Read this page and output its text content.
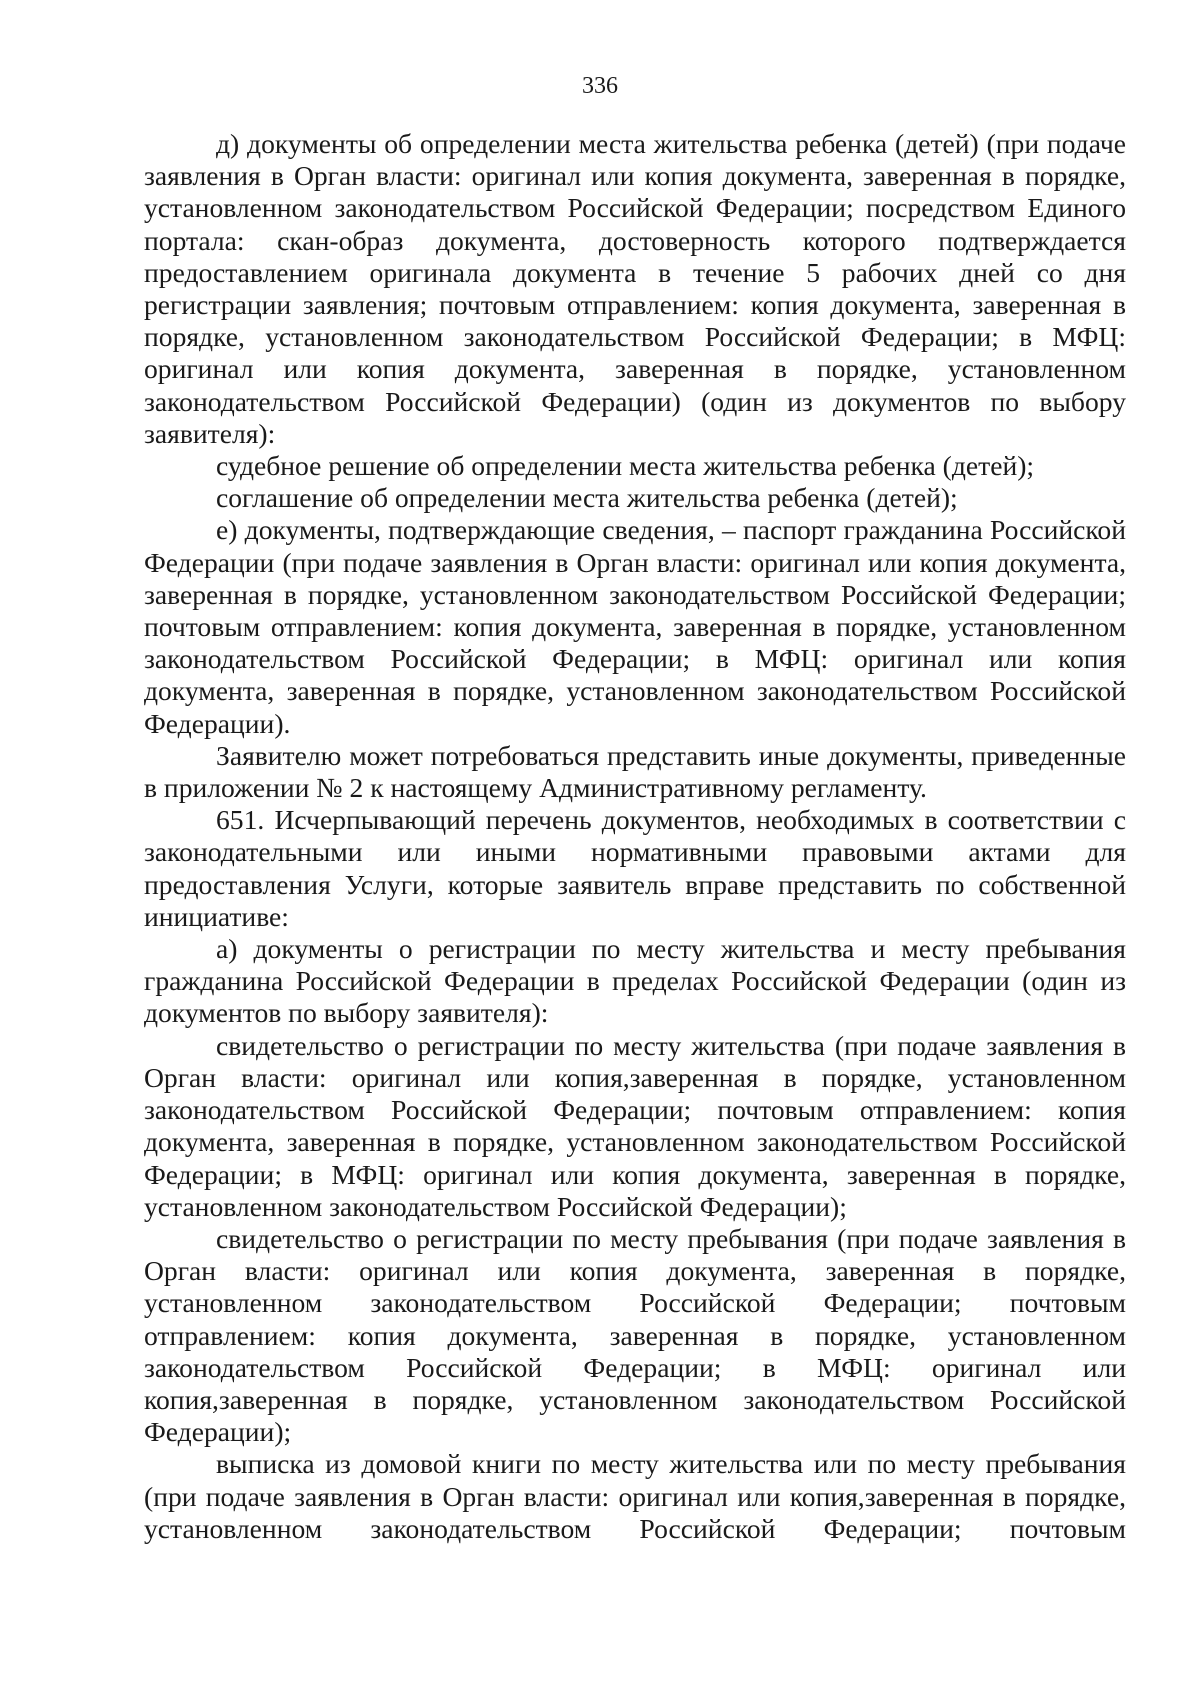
336

д) документы об определении места жительства ребенка (детей) (при подаче заявления в Орган власти: оригинал или копия документа, заверенная в порядке, установленном законодательством Российской Федерации; посредством Единого портала: скан-образ документа, достоверность которого подтверждается предоставлением оригинала документа в течение 5 рабочих дней со дня регистрации заявления; почтовым отправлением: копия документа, заверенная в порядке, установленном законодательством Российской Федерации; в МФЦ: оригинал или копия документа, заверенная в порядке, установленном законодательством Российской Федерации) (один из документов по выбору заявителя):

судебное решение об определении места жительства ребенка (детей);

соглашение об определении места жительства ребенка (детей);

е) документы, подтверждающие сведения, – паспорт гражданина Российской Федерации (при подаче заявления в Орган власти: оригинал или копия документа, заверенная в порядке, установленном законодательством Российской Федерации; почтовым отправлением: копия документа, заверенная в порядке, установленном законодательством Российской Федерации; в МФЦ: оригинал или копия документа, заверенная в порядке, установленном законодательством Российской Федерации).

Заявителю может потребоваться представить иные документы, приведенные в приложении № 2 к настоящему Административному регламенту.

651. Исчерпывающий перечень документов, необходимых в соответствии с законодательными или иными нормативными правовыми актами для предоставления Услуги, которые заявитель вправе представить по собственной инициативе:

а) документы о регистрации по месту жительства и месту пребывания гражданина Российской Федерации в пределах Российской Федерации (один из документов по выбору заявителя):

свидетельство о регистрации по месту жительства (при подаче заявления в Орган власти: оригинал или копия,заверенная в порядке, установленном законодательством Российской Федерации; почтовым отправлением: копия документа, заверенная в порядке, установленном законодательством Российской Федерации; в МФЦ: оригинал или копия документа, заверенная в порядке, установленном законодательством Российской Федерации);

свидетельство о регистрации по месту пребывания (при подаче заявления в Орган власти: оригинал или копия документа, заверенная в порядке, установленном законодательством Российской Федерации; почтовым отправлением: копия документа, заверенная в порядке, установленном законодательством Российской Федерации; в МФЦ: оригинал или копия,заверенная в порядке, установленном законодательством Российской Федерации);

выписка из домовой книги по месту жительства или по месту пребывания (при подаче заявления в Орган власти: оригинал или копия,заверенная в порядке, установленном законодательством Российской Федерации; почтовым
